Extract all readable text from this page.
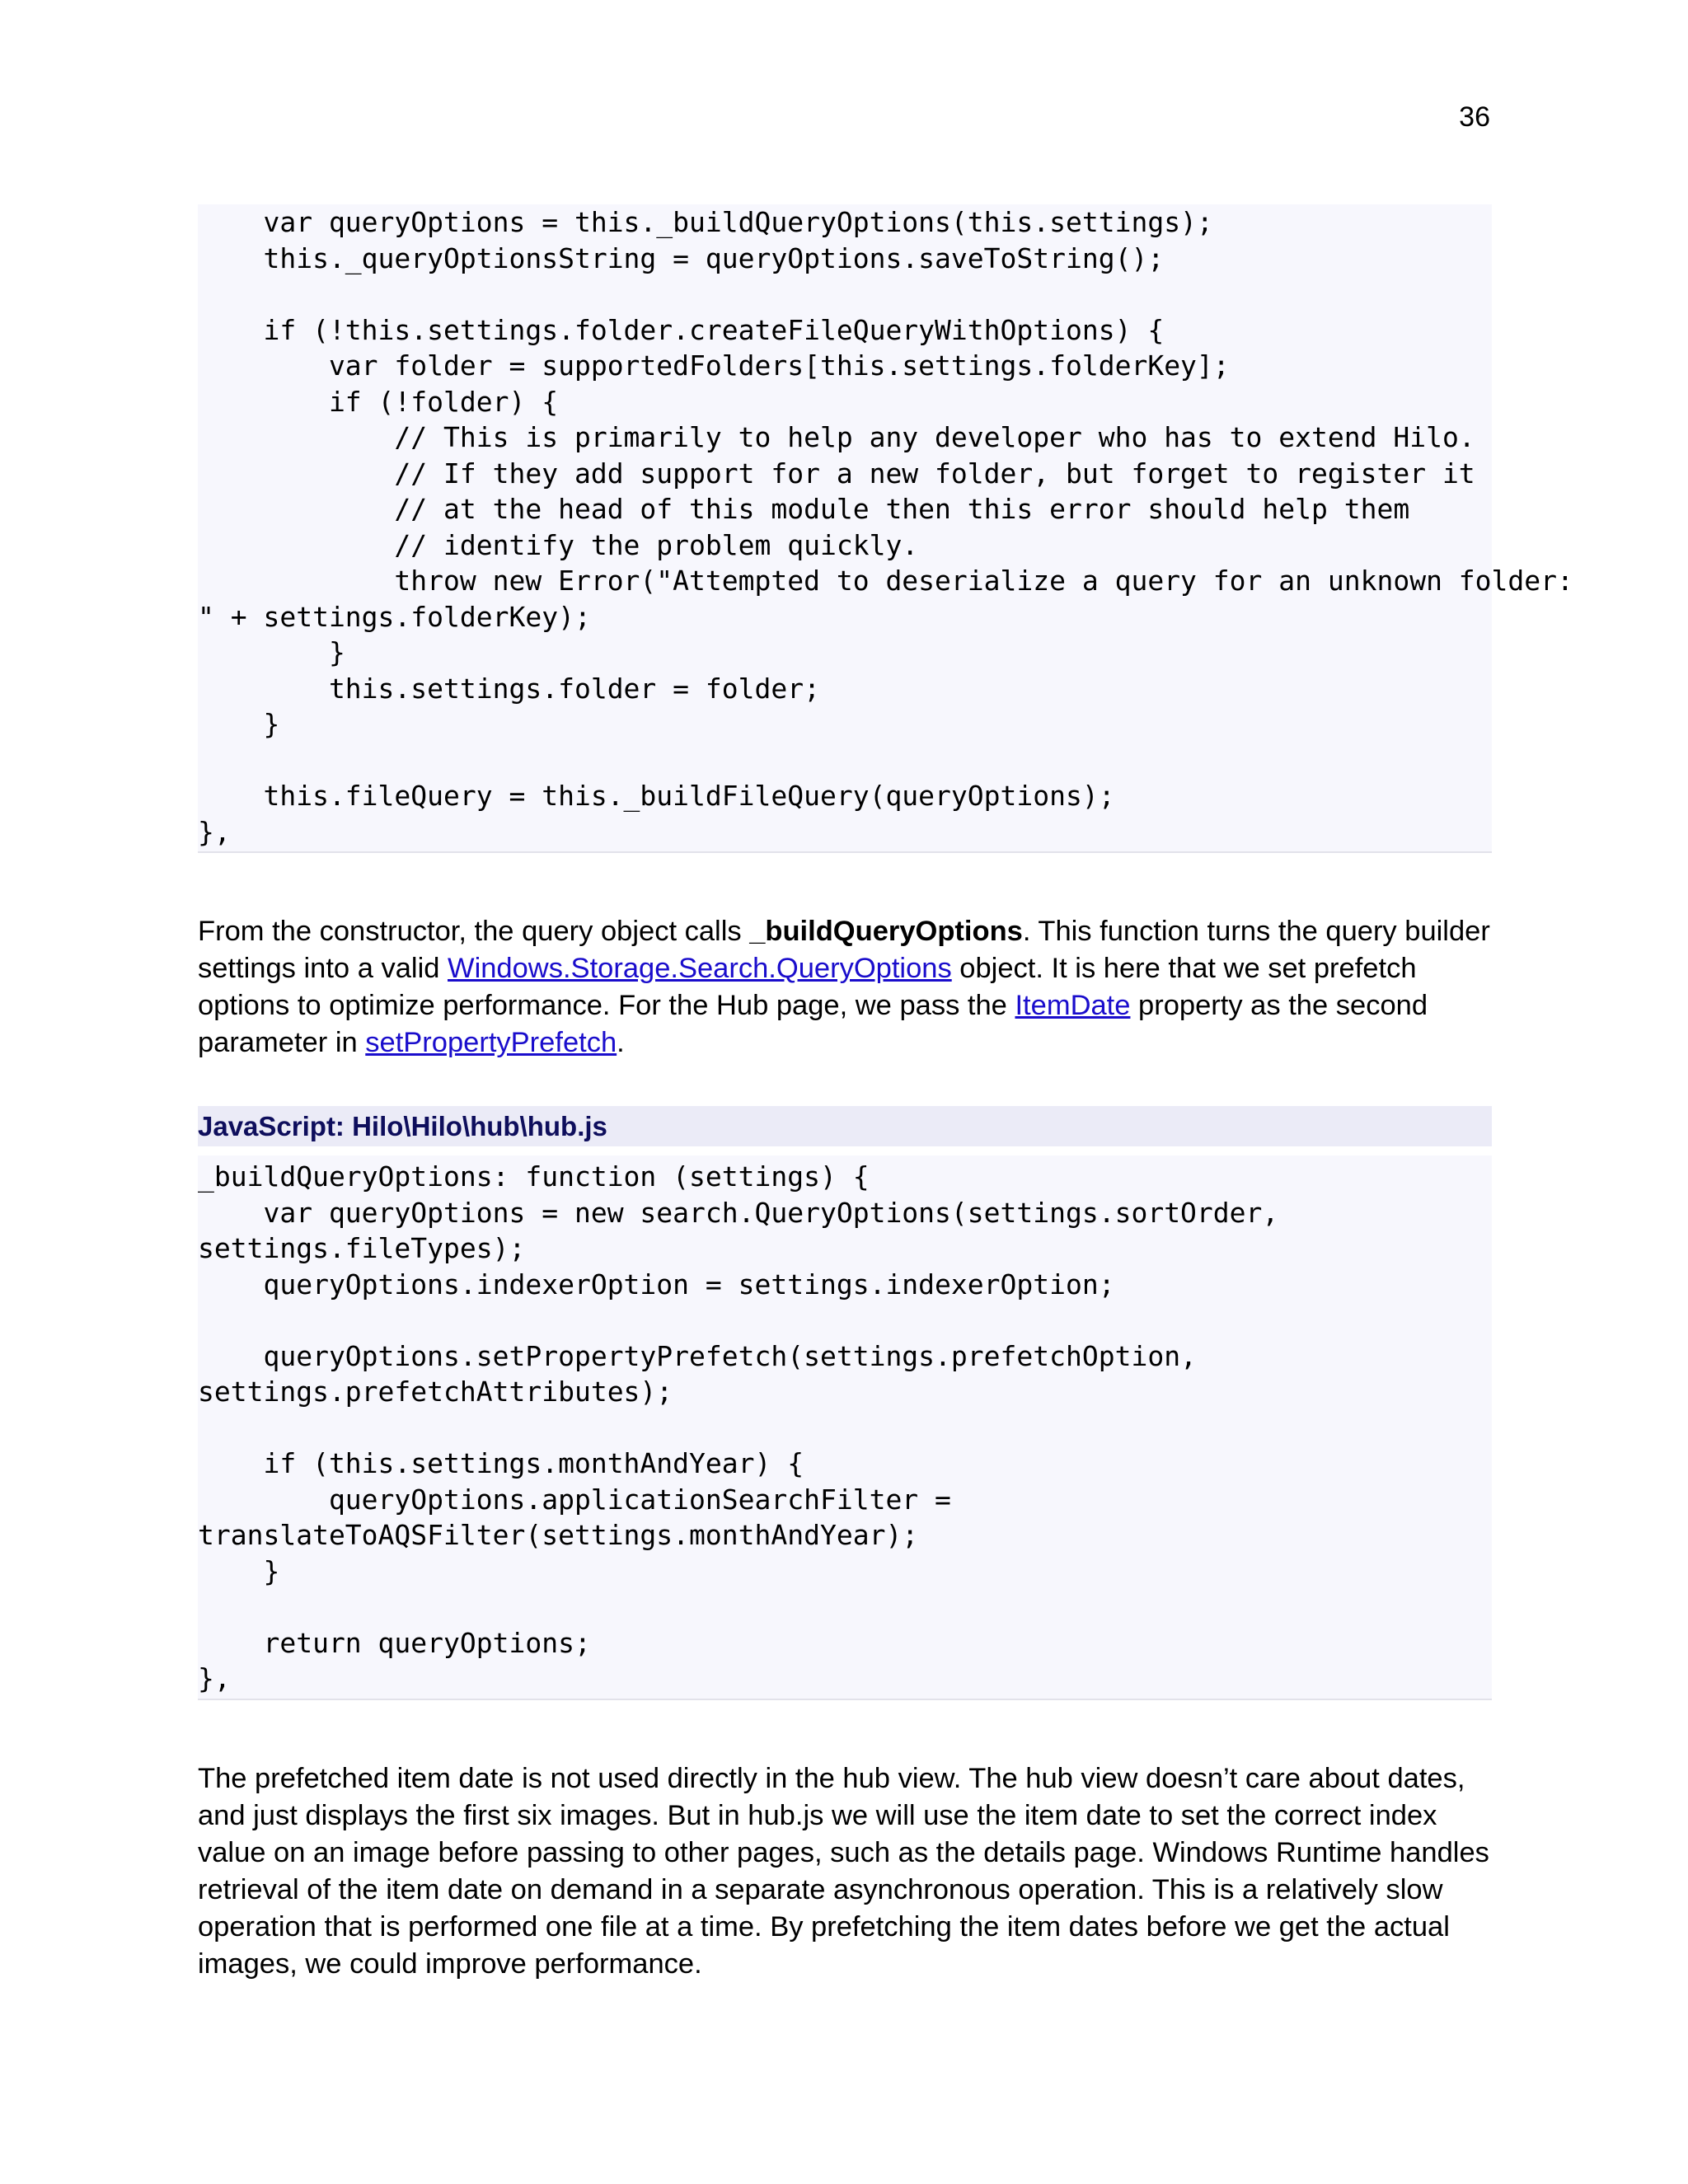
36
var queryOptions = this._buildQueryOptions(this.settings);
this._queryOptionsString = queryOptions.saveToString();

if (!this.settings.folder.createFileQueryWithOptions) {
var folder = supportedFolders[this.settings.folderKey];
if (!folder) {
// This is primarily to help any developer who has to extend Hilo.
// If they add support for a new folder, but forget to register it
// at the head of this module then this error should help them
// identify the problem quickly.
throw new Error("Attempted to deserialize a query for an unknown folder:
" + settings.folderKey);
}
this.settings.folder = folder;
}

this.fileQuery = this._buildFileQuery(queryOptions);
},

From the constructor, the query object calls _buildQueryOptions. This function turns the query builder settings into a valid Windows.Storage.Search.QueryOptions object. It is here that we set prefetch options to optimize performance. For the Hub page, we pass the ItemDate property as the second parameter in setPropertyPrefetch.

JavaScript: Hilo\Hilo\hub\hub.js
_buildQueryOptions: function (settings) {
var queryOptions = new search.QueryOptions(settings.sortOrder,
settings.fileTypes);
queryOptions.indexerOption = settings.indexerOption;

queryOptions.setPropertyPrefetch(settings.prefetchOption,
settings.prefetchAttributes);

if (this.settings.monthAndYear) {
queryOptions.applicationSearchFilter =
translateToAQSFilter(settings.monthAndYear);
}

return queryOptions;
},

The prefetched item date is not used directly in the hub view. The hub view doesn’t care about dates, and just displays the first six images. But in hub.js we will use the item date to set the correct index value on an image before passing to other pages, such as the details page. Windows Runtime handles retrieval of the item date on demand in a separate asynchronous operation. This is a relatively slow operation that is performed one file at a time. By prefetching the item dates before we get the actual images, we could improve performance.
